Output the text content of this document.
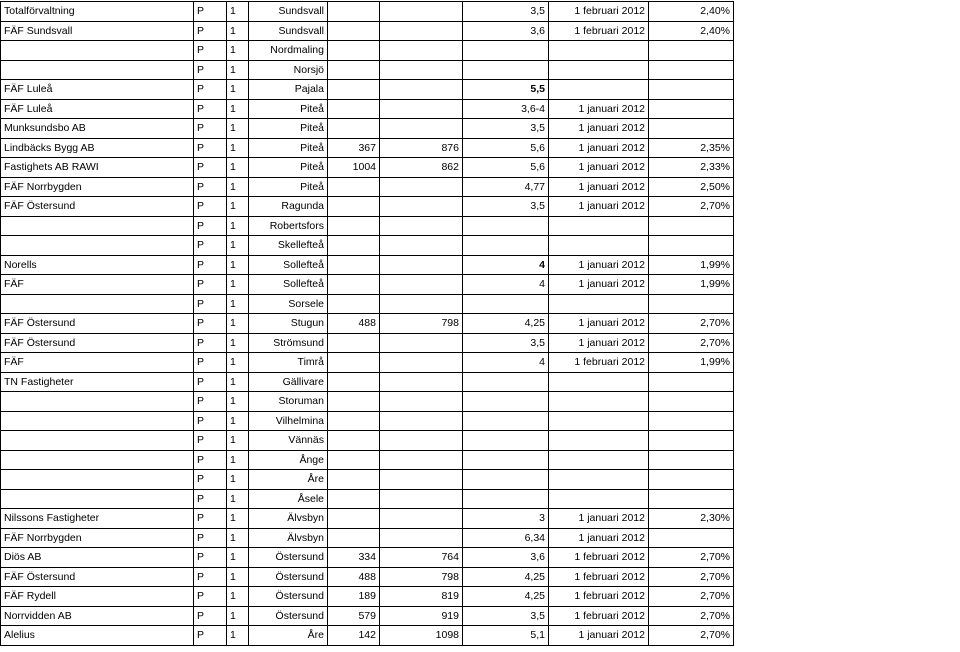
Totalförvaltning	P	1	Sundsvall			3,5	1 februari 2012	2,40%
FÄF Sundsvall	P	1	Sundsvall			3,6	1 februari 2012	2,40%
	P	1	Nordmaling					
	P	1	Norsjö					
FÄF Luleå	P	1	Pajala			5,5		
FÄF Luleå	P	1	Piteå			3,6-4	1 januari 2012	
Munksundsbo AB	P	1	Piteå			3,5	1 januari 2012	
Lindbäcks Bygg AB	P	1	Piteå	367	876	5,6	1 januari 2012	2,35%
Fastighets AB RAWI	P	1	Piteå	1004	862	5,6	1 januari 2012	2,33%
FÄF Norrbygden	P	1	Piteå			4,77	1 januari 2012	2,50%
FÄF Östersund	P	1	Ragunda			3,5	1 januari 2012	2,70%
	P	1	Robertsfors					
	P	1	Skellefteå					
Norells	P	1	Sollefteå			4	1 januari 2012	1,99%
FÄF	P	1	Sollefteå			4	1 januari 2012	1,99%
	P	1	Sorsele					
FÄF Östersund	P	1	Stugun	488	798	4,25	1 januari 2012	2,70%
FÄF Östersund	P	1	Strömsund			3,5	1 januari 2012	2,70%
FÄF	P	1	Timrå			4	1 februari 2012	1,99%
TN Fastigheter	P	1	Gällivare					
	P	1	Storuman					
	P	1	Vilhelmina					
	P	1	Vännäs					
	P	1	Ånge					
	P	1	Åre					
	P	1	Åsele					
Nilssons Fastigheter	P	1	Älvsbyn			3	1 januari 2012	2,30%
FÄF Norrbygden	P	1	Älvsbyn			6,34	1 januari 2012	
Diös AB	P	1	Östersund	334	764	3,6	1 februari 2012	2,70%
FÄF Östersund	P	1	Östersund	488	798	4,25	1 februari 2012	2,70%
FÄF Rydell	P	1	Östersund	189	819	4,25	1 februari 2012	2,70%
Norrvidden AB	P	1	Östersund	579	919	3,5	1 februari 2012	2,70%
Alelius	P	1	Åre	142	1098	5,1	1 januari 2012	2,70%
